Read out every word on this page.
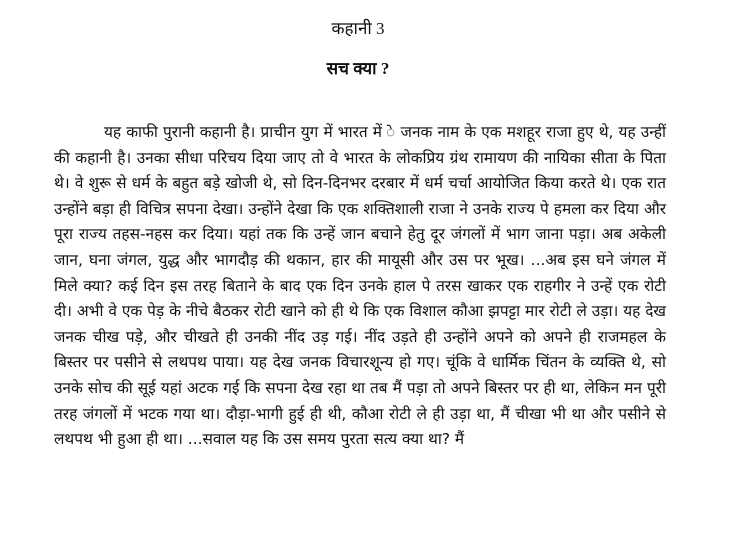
कहानी 3
सच क्या ?

यह काफी पुरानी कहानी है। प्राचीन युग में भारत में े जनक नाम के एक मशहूर राजा हुए थे, यह उन्हीं की कहानी है। उनका सीधा परिचय दिया जाए तो वे भारत के लोकप्रिय ग्रंथ रामायण की नायिका सीता के पिता थे। वे शुरू से धर्म के बहुत बड़े खोजी थे, सो दिन-दिनभर दरबार में धर्म चर्चा आयोजित किया करते थे। एक रात उन्होंने बड़ा ही विचित्र सपना देखा। उन्होंने देखा कि एक शक्तिशाली राजा ने उनके राज्य पे हमला कर दिया और पूरा राज्य तहस-नहस कर दिया। यहां तक कि उन्हें जान बचाने हेतु दूर जंगलों में भाग जाना पड़ा। अब अकेली जान, घना जंगल, युद्ध और भागदौड़ की थकान, हार की मायूसी और उस पर भूख। ...अब इस घने जंगल में मिले क्या? कई दिन इस तरह बिताने के बाद एक दिन उनके हाल पे तरस खाकर एक राहगीर ने उन्हें एक रोटी दी। अभी वे एक पेड़ के नीचे बैठकर रोटी खाने को ही थे कि एक विशाल कौआ झपट्टा मार रोटी ले उड़ा। यह देख जनक चीख पड़े, और चीखते ही उनकी नींद उड़ गई। नींद उड़ते ही उन्होंने अपने को अपने ही राजमहल के बिस्तर पर पसीने से लथपथ पाया। यह देख जनक विचारशून्य हो गए। चूंकि वे धार्मिक चिंतन के व्यक्ति थे, सो उनके सोच की सूई यहां अटक गई कि सपना देख रहा था तब मैं पड़ा तो अपने बिस्तर पर ही था, लेकिन मन पूरी तरह जंगलों में भटक गया था। दौड़ा-भागी हुई ही थी, कौआ रोटी ले ही उड़ा था, मैं चीखा भी था और पसीने से लथपथ भी हुआ ही था। ...सवाल यह कि उस समय पुरता सत्य क्या था? मैं
